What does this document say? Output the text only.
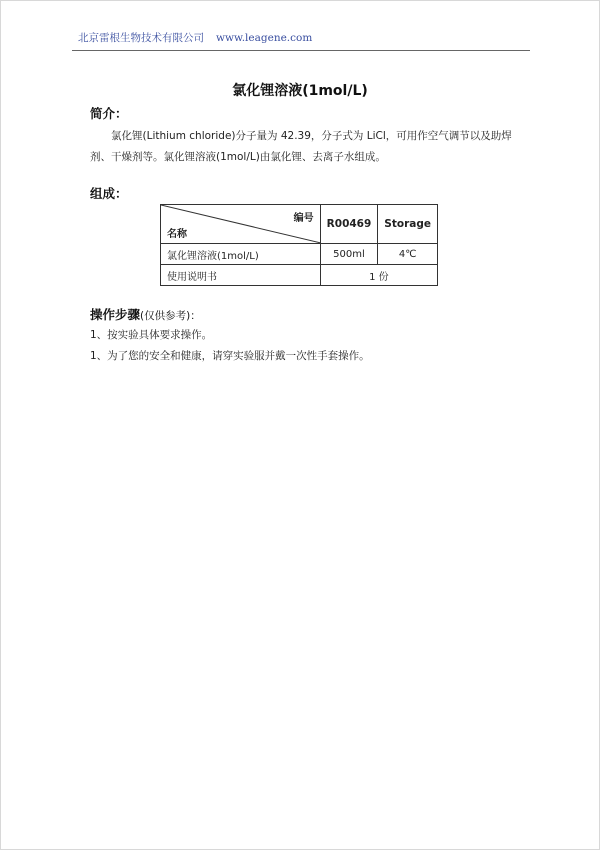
北京雷根生物技术有限公司 www.leagene.com
氯化锂溶液(1mol/L)
简介：
氯化锂(Lithium chloride)分子量为 42.39，分子式为 LiCl，可用作空气调节以及助焊剂、干燥剂等。氯化锂溶液(1mol/L)由氯化锂、去离子水组成。
组成：
编号
名称	R00469	Storage
氯化锂溶液(1mol/L)	500ml	4℃
使用说明书	1 份	
操作步骤(仅供参考)：
1、按实验具体要求操作。
1、为了您的安全和健康，请穿实验服并戴一次性手套操作。
